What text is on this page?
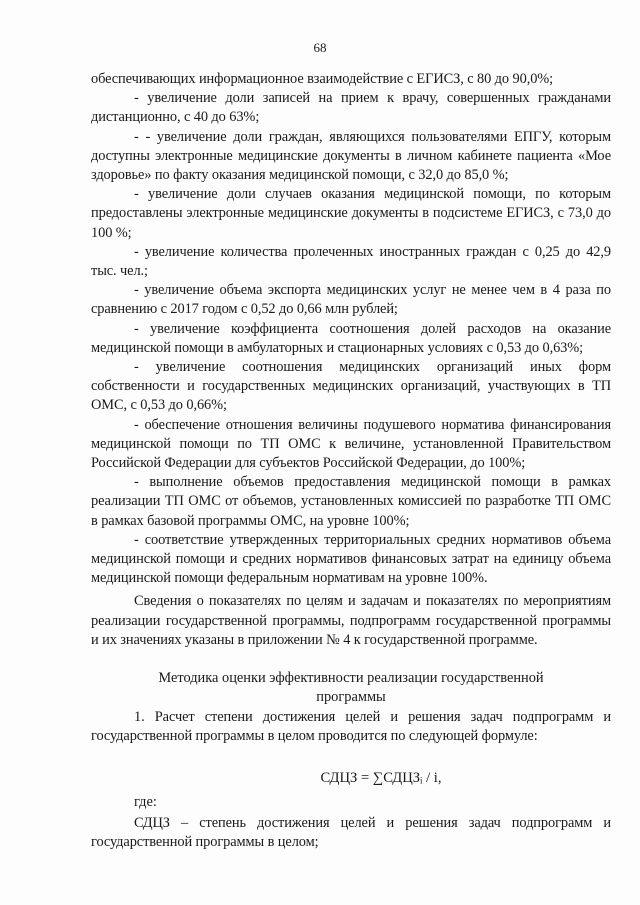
68

обеспечивающих информационное взаимодействие с ЕГИСЗ, с 80 до 90,0%;

- увеличение доли записей на прием к врачу, совершенных гражданами дистанционно, с 40 до 63%;

- - увеличение доли граждан, являющихся пользователями ЕПГУ, которым доступны электронные медицинские документы в личном кабинете пациента «Мое здоровье» по факту оказания медицинской помощи, с 32,0 до 85,0 %;

- увеличение доли случаев оказания медицинской помощи, по которым предоставлены электронные медицинские документы в подсистеме ЕГИСЗ, с 73,0 до 100 %;

- увеличение количества пролеченных иностранных граждан с 0,25 до 42,9 тыс. чел.;

- увеличение объема экспорта медицинских услуг не менее чем в 4 раза по сравнению с 2017 годом с 0,52 до 0,66 млн рублей;

- увеличение коэффициента соотношения долей расходов на оказание медицинской помощи в амбулаторных и стационарных условиях с 0,53 до 0,63%;

- увеличение соотношения медицинских организаций иных форм собственности и государственных медицинских организаций, участвующих в ТП ОМС, с 0,53 до 0,66%;

- обеспечение отношения величины подушевого норматива финансирования медицинской помощи по ТП ОМС к величине, установленной Правительством Российской Федерации для субъектов Российской Федерации, до 100%;

- выполнение объемов предоставления медицинской помощи в рамках реализации ТП ОМС от объемов, установленных комиссией по разработке ТП ОМС в рамках базовой программы ОМС, на уровне 100%;

- соответствие утвержденных территориальных средних нормативов объема медицинской помощи и средних нормативов финансовых затрат на единицу объема медицинской помощи федеральным нормативам на уровне 100%.

Сведения о показателях по целям и задачам и показателях по мероприятиям реализации государственной программы, подпрограмм государственной программы и их значениях указаны в приложении № 4 к государственной программе.

Методика оценки эффективности реализации государственной программы

1. Расчет степени достижения целей и решения задач подпрограмм и государственной программы в целом проводится по следующей формуле:

СДЦЗ = ∑СДЦЗᵢ / i,

где:

СДЦЗ – степень достижения целей и решения задач подпрограмм и государственной программы в целом;
